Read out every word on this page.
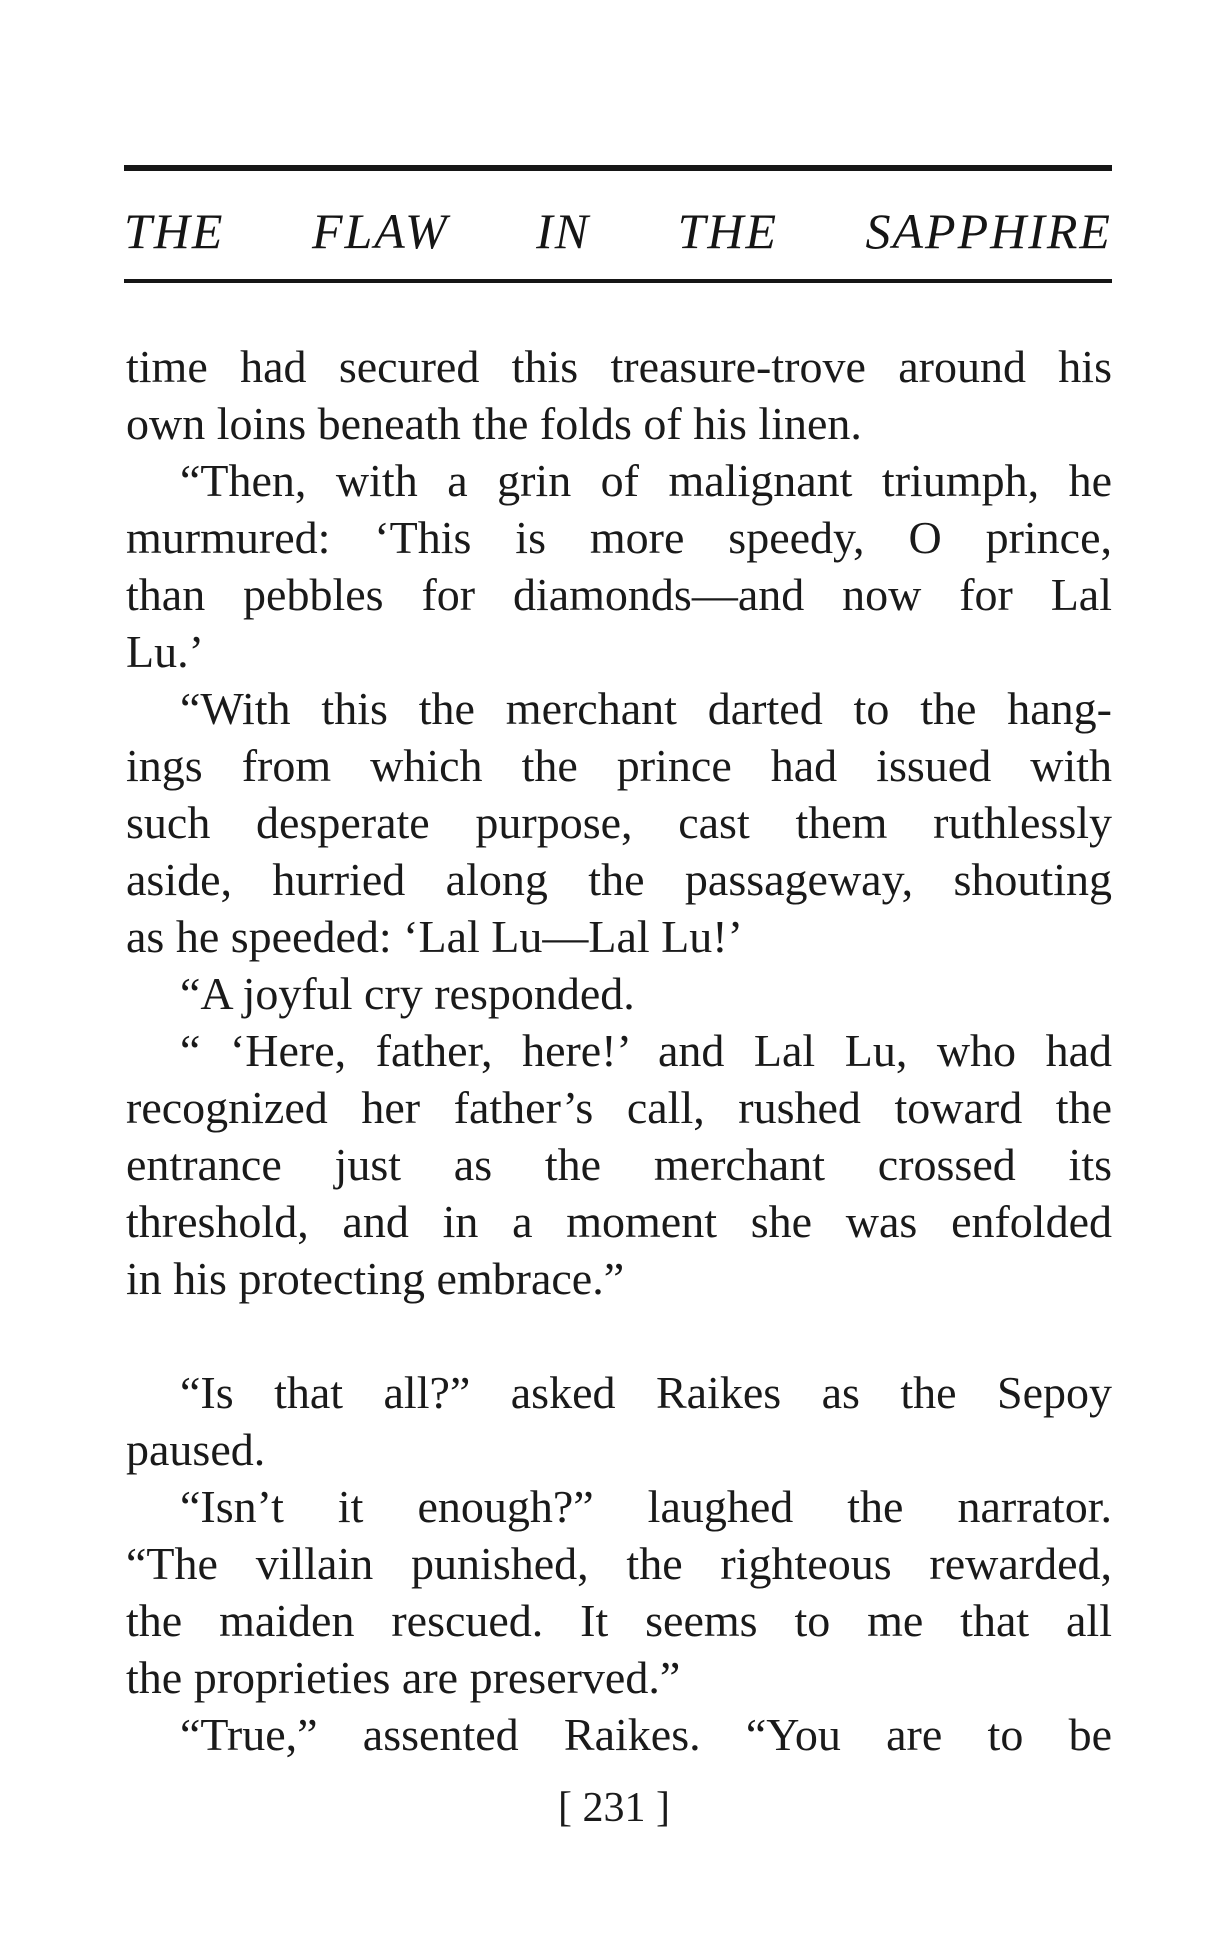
THE FLAW IN THE SAPPHIRE
time had secured this treasure-trove around his
own loins beneath the folds of his linen.
“Then, with a grin of malignant triumph, he
murmured: ‘This is more speedy, O prince,
than pebbles for diamonds—and now for Lal
Lu.’
“With this the merchant darted to the hang-
ings from which the prince had issued with
such desperate purpose, cast them ruthlessly
aside, hurried along the passageway, shouting
as he speeded: ‘Lal Lu—Lal Lu!’
“A joyful cry responded.
“ ‘Here, father, here!’ and Lal Lu, who had
recognized her father’s call, rushed toward the
entrance just as the merchant crossed its
threshold, and in a moment she was enfolded
in his protecting embrace.”
“Is that all?” asked Raikes as the Sepoy
paused.
“Isn’t it enough?” laughed the narrator.
“The villain punished, the righteous rewarded,
the maiden rescued. It seems to me that all
the proprieties are preserved.”
“True,” assented Raikes. “You are to be
[ 231 ]
